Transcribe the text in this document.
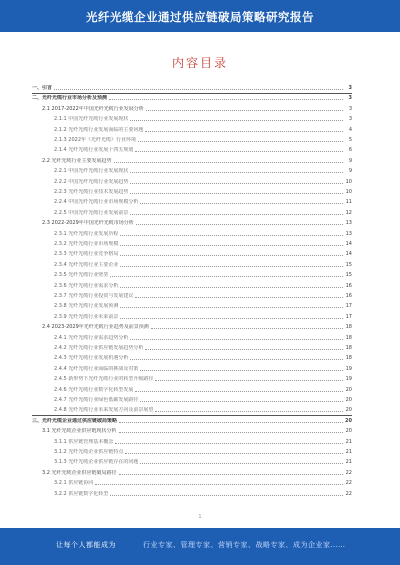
光纤光缆企业通过供应链破局策略研究报告
内容目录
一、引言	3
二、光纤光缆行业市场分析及预测	3
2.1 2017-2022年中国光纤光缆行业发展分析	3
2.1.1 中国光纤光缆行业发展现状	3
2.1.2 光纤光缆行业发展面临的主要问题	4
2.1.3 2022年《光纤光缆》行业环境	5
2.1.4 光纤光缆行业发展十四五规划	6
2.2 光纤光缆行业主要发展趋势	9
2.2.1 中国光纤光缆行业发展现状	9
2.2.2 中国光纤光缆行业发展趋势	10
2.2.3 光纤光缆行业技术发展趋势	10
2.2.4 中国光纤光缆行业市场规模分析	11
2.2.5 中国光纤光缆行业发展前景	12
2.3 2022-2029年中国光纤光缆市场分析	13
2.3.1 光纤光缆行业发展历程	13
2.3.2 光纤光缆行业市场规模	14
2.3.3 光纤光缆行业竞争格局	14
2.3.4 光纤光缆行业主要企业	15
2.3.5 光纤光缆行业壁垒	15
2.3.6 光纤光缆行业需求分析	16
2.3.7 光纤光缆行业投资与发展建议	16
2.3.8 光纤光缆行业发展预测	17
2.3.9 光纤光缆行业未来前景	17
2.4 2023-2029年光纤光缆行业趋势及前景预测	18
2.4.1 光纤光缆行业需求趋势分析	18
2.4.2 光纤光缆行业供应链发展趋势分析	18
2.4.3 光纤光缆行业发展机遇分析	18
2.4.4 光纤光缆行业面临的挑战及对策	19
2.4.5 新形势下光纤光缆行业的转型升级路径	19
2.4.6 光纤光缆行业数字化转型发展	20
2.4.7 光纤光缆行业绿色低碳发展路径	20
2.4.8 光纤光缆行业未来发展方向及前景展望	20
三、光纤光缆企业通过供应链破局策略	20
3.1 光纤光缆企业供应链现状分析	20
3.1.1 供应链管理基本概念	21
3.1.2 光纤光缆企业供应链特点	21
3.1.3 光纤光缆企业供应链存在的问题	21
3.2 光纤光缆企业供应链破局路径	22
3.2.1 供应链协同	22
3.2.2 供应链数字化转型	22
1
让每个人都能成为	行业专家、管理专家、营销专家、战略专家、成为企业家……
